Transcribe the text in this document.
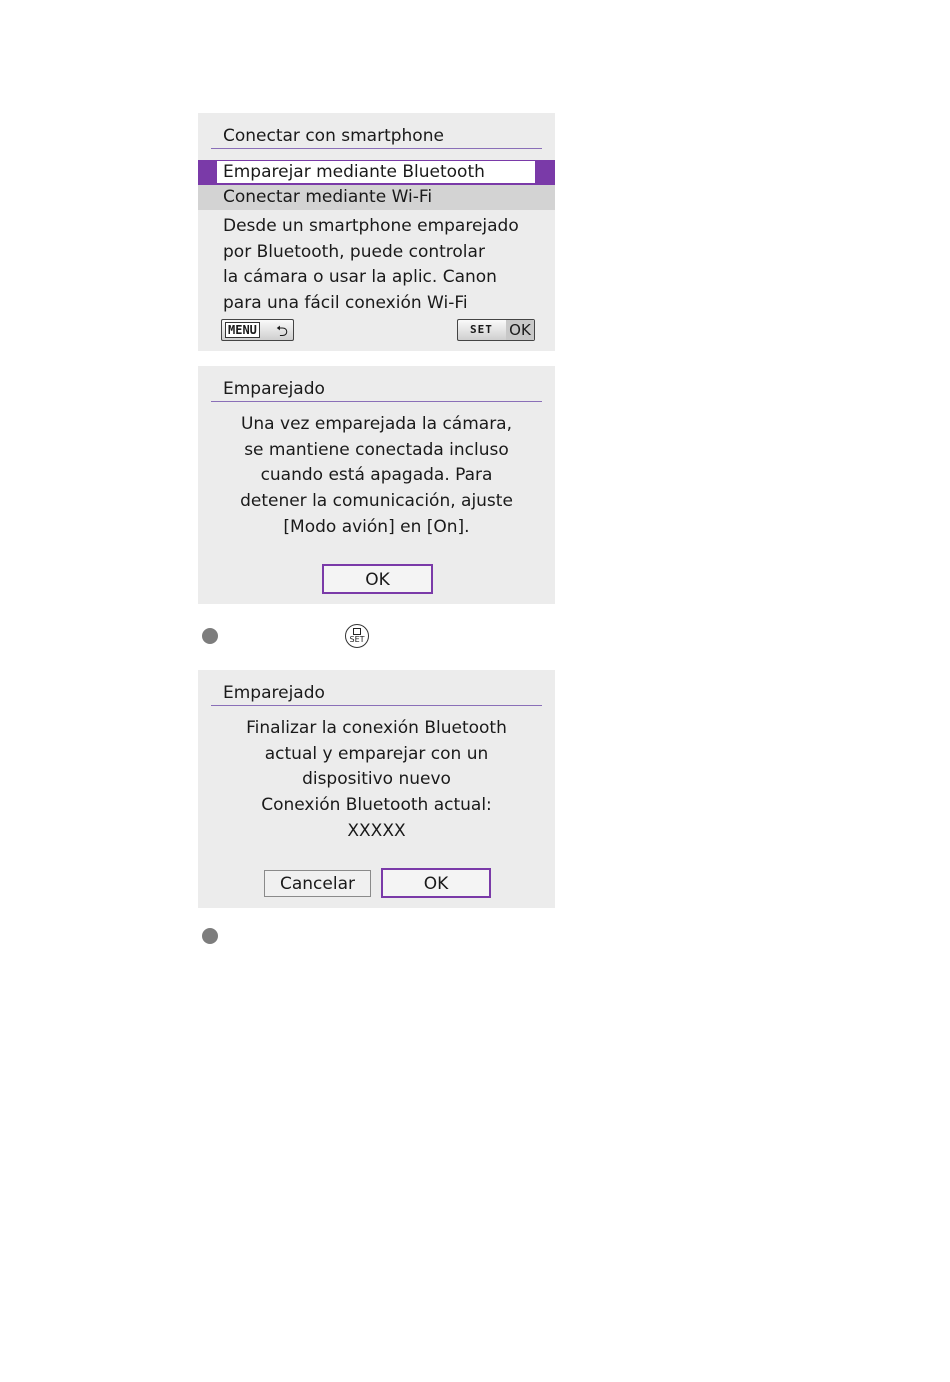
Conectar con smartphone
Emparejar mediante Bluetooth
Conectar mediante Wi-Fi
Desde un smartphone emparejado
por Bluetooth, puede controlar
la cámara o usar la aplic. Canon
para una fácil conexión Wi-Fi
MENU ⮌	SET OK
Emparejado
Una vez emparejada la cámara,
se mantiene conectada incluso
cuando está apagada. Para
detener la comunicación, ajuste
[Modo avión] en [On].
OK
SET
Emparejado
Finalizar la conexión Bluetooth
actual y emparejar con un
dispositivo nuevo
Conexión Bluetooth actual:
XXXXX
Cancelar	OK
